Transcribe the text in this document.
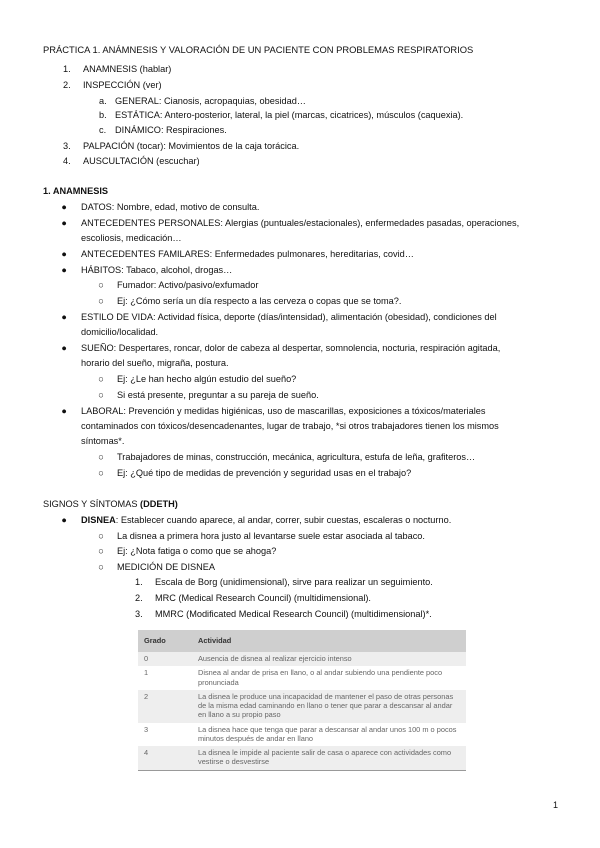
PRÁCTICA 1. ANÁMNESIS Y VALORACIÓN DE UN PACIENTE CON PROBLEMAS RESPIRATORIOS
1. ANAMNESIS (hablar)
2. INSPECCIÓN (ver)
a. GENERAL: Cianosis, acropaquias, obesidad…
b. ESTÁTICA: Antero-posterior, lateral, la piel (marcas, cicatrices), músculos (caquexia).
c. DINÁMICO: Respiraciones.
3. PALPACIÓN (tocar): Movimientos de la caja torácica.
4. AUSCULTACIÓN (escuchar)
1. ANAMNESIS
●	DATOS: Nombre, edad, motivo de consulta.
●	ANTECEDENTES PERSONALES: Alergias (puntuales/estacionales), enfermedades pasadas, operaciones,
escoliosis, medicación…
●	ANTECEDENTES FAMILARES: Enfermedades pulmonares, hereditarias, covid…
●	HÁBITOS: Tabaco, alcohol, drogas…
○	Fumador: Activo/pasivo/exfumador
○	Ej: ¿Cómo sería un día respecto a las cerveza o copas que se toma?.
●	ESTILO DE VIDA: Actividad física, deporte (días/intensidad), alimentación (obesidad), condiciones del
domicilio/localidad.
●	SUEÑO: Despertares, roncar, dolor de cabeza al despertar, somnolencia, nocturia, respiración agitada,
horario del sueño, migraña, postura.
○	Ej: ¿Le han hecho algún estudio del sueño?
○	Si está presente, preguntar a su pareja de sueño.
●	LABORAL: Prevención y medidas higiénicas, uso de mascarillas, exposiciones a tóxicos/materiales
contaminados con tóxicos/desencadenantes, lugar de trabajo, *si otros trabajadores tienen los mismos
síntomas*.
○	Trabajadores de minas, construcción, mecánica, agricultura, estufa de leña, grafiteros…
○	Ej: ¿Qué tipo de medidas de prevención y seguridad usas en el trabajo?
SIGNOS Y SÍNTOMAS (DDETH)
●	DISNEA: Establecer cuando aparece, al andar, correr, subir cuestas, escaleras o nocturno.
○	La disnea a primera hora justo al levantarse suele estar asociada al tabaco.
○	Ej: ¿Nota fatiga o como que se ahoga?
○	MEDICIÓN DE DISNEA
1. Escala de Borg (unidimensional), sirve para realizar un seguimiento.
2. MRC (Medical Research Council) (multidimensional).
3. MMRC (Modificated Medical Research Council) (multidimensional)*.
Grado	Actividad
0	Ausencia de disnea al realizar ejercicio intenso
1	Disnea al andar de prisa en llano, o al andar subiendo una pendiente poco pronunciada
2	La disnea le produce una incapacidad de mantener el paso de otras personas de la misma edad caminando en llano o tener que parar a descansar al andar en llano a su propio paso
3	La disnea hace que tenga que parar a descansar al andar unos 100 m o pocos minutos después de andar en llano
4	La disnea le impide al paciente salir de casa o aparece con actividades como vestirse o desvestirse
1
